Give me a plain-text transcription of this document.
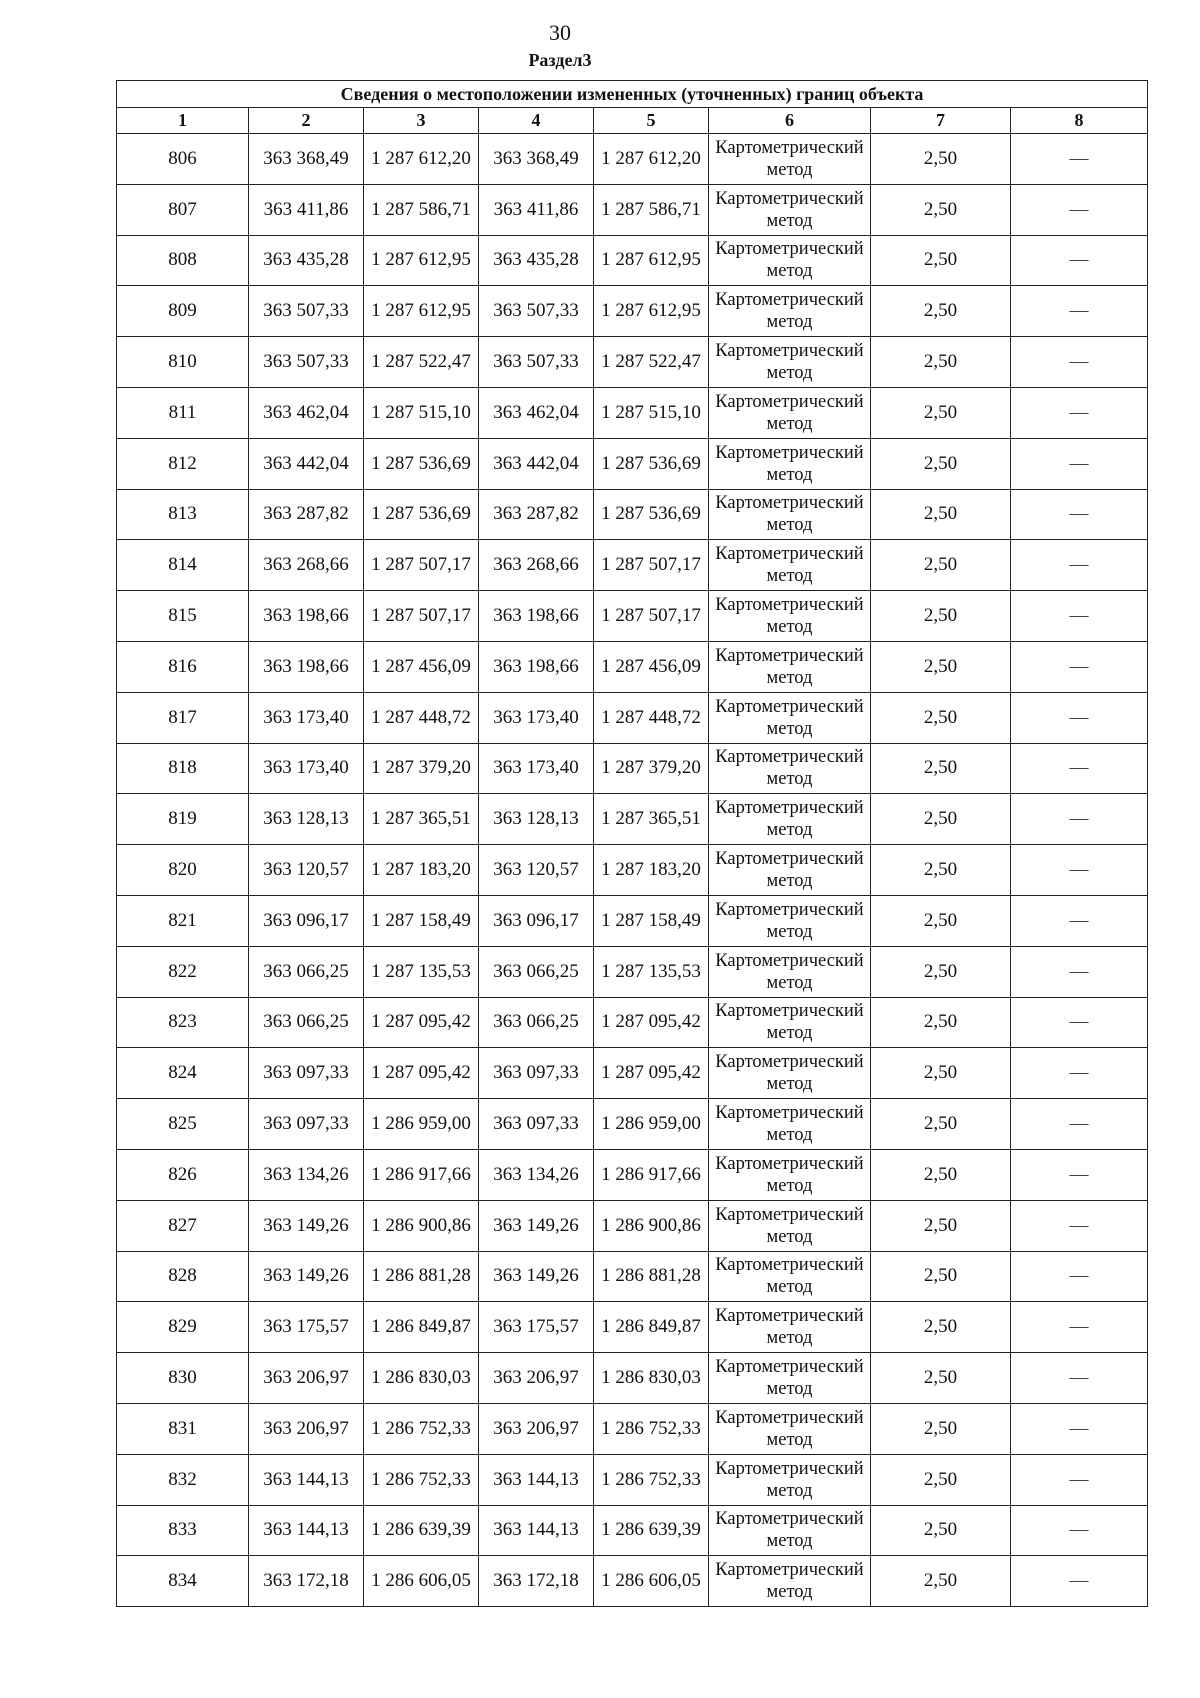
30
Раздел3
Сведения о местоположении измененных (уточненных) границ объекта							
1	2	3	4	5	6	7	8
806	363 368,49	1 287 612,20	363 368,49	1 287 612,20	Картометрический метод	2,50	—
807	363 411,86	1 287 586,71	363 411,86	1 287 586,71	Картометрический метод	2,50	—
808	363 435,28	1 287 612,95	363 435,28	1 287 612,95	Картометрический метод	2,50	—
809	363 507,33	1 287 612,95	363 507,33	1 287 612,95	Картометрический метод	2,50	—
810	363 507,33	1 287 522,47	363 507,33	1 287 522,47	Картометрический метод	2,50	—
811	363 462,04	1 287 515,10	363 462,04	1 287 515,10	Картометрический метод	2,50	—
812	363 442,04	1 287 536,69	363 442,04	1 287 536,69	Картометрический метод	2,50	—
813	363 287,82	1 287 536,69	363 287,82	1 287 536,69	Картометрический метод	2,50	—
814	363 268,66	1 287 507,17	363 268,66	1 287 507,17	Картометрический метод	2,50	—
815	363 198,66	1 287 507,17	363 198,66	1 287 507,17	Картометрический метод	2,50	—
816	363 198,66	1 287 456,09	363 198,66	1 287 456,09	Картометрический метод	2,50	—
817	363 173,40	1 287 448,72	363 173,40	1 287 448,72	Картометрический метод	2,50	—
818	363 173,40	1 287 379,20	363 173,40	1 287 379,20	Картометрический метод	2,50	—
819	363 128,13	1 287 365,51	363 128,13	1 287 365,51	Картометрический метод	2,50	—
820	363 120,57	1 287 183,20	363 120,57	1 287 183,20	Картометрический метод	2,50	—
821	363 096,17	1 287 158,49	363 096,17	1 287 158,49	Картометрический метод	2,50	—
822	363 066,25	1 287 135,53	363 066,25	1 287 135,53	Картометрический метод	2,50	—
823	363 066,25	1 287 095,42	363 066,25	1 287 095,42	Картометрический метод	2,50	—
824	363 097,33	1 287 095,42	363 097,33	1 287 095,42	Картометрический метод	2,50	—
825	363 097,33	1 286 959,00	363 097,33	1 286 959,00	Картометрический метод	2,50	—
826	363 134,26	1 286 917,66	363 134,26	1 286 917,66	Картометрический метод	2,50	—
827	363 149,26	1 286 900,86	363 149,26	1 286 900,86	Картометрический метод	2,50	—
828	363 149,26	1 286 881,28	363 149,26	1 286 881,28	Картометрический метод	2,50	—
829	363 175,57	1 286 849,87	363 175,57	1 286 849,87	Картометрический метод	2,50	—
830	363 206,97	1 286 830,03	363 206,97	1 286 830,03	Картометрический метод	2,50	—
831	363 206,97	1 286 752,33	363 206,97	1 286 752,33	Картометрический метод	2,50	—
832	363 144,13	1 286 752,33	363 144,13	1 286 752,33	Картометрический метод	2,50	—
833	363 144,13	1 286 639,39	363 144,13	1 286 639,39	Картометрический метод	2,50	—
834	363 172,18	1 286 606,05	363 172,18	1 286 606,05	Картометрический метод	2,50	—
